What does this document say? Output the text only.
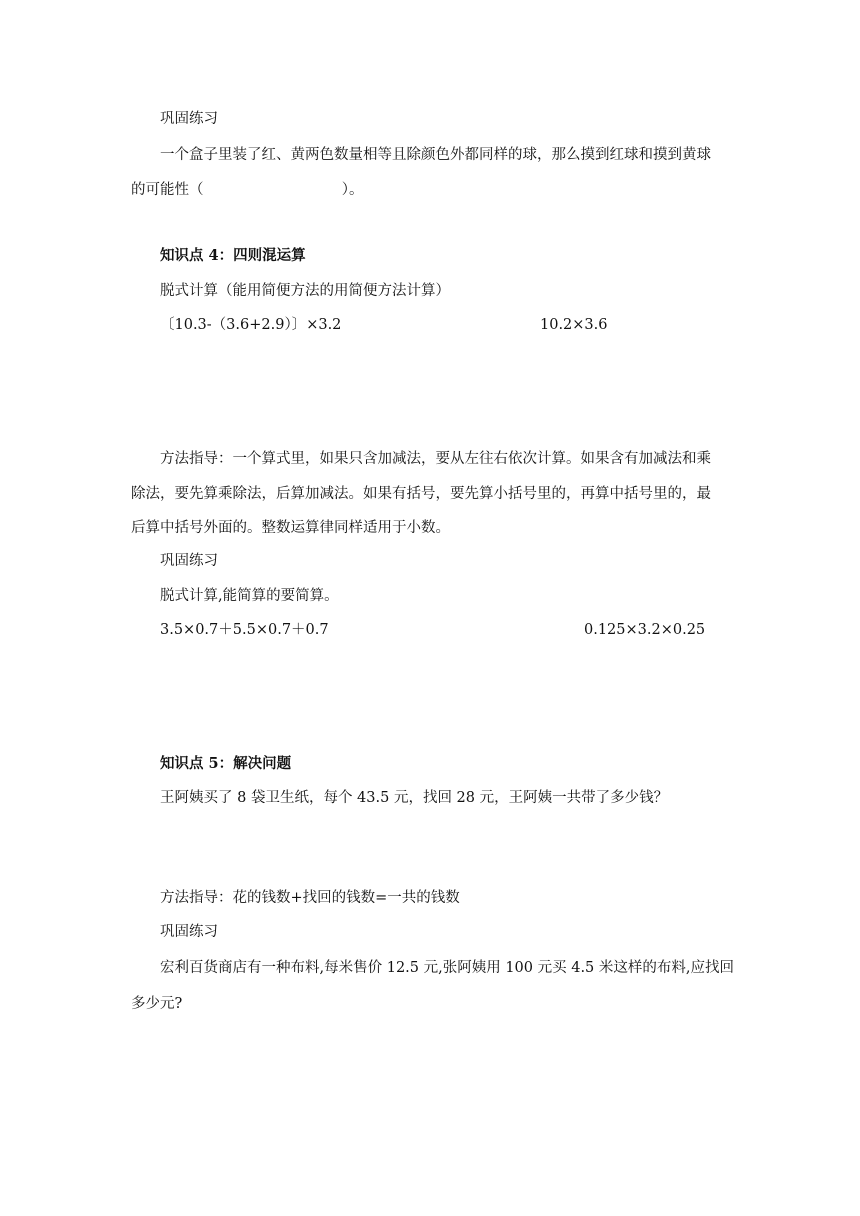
巩固练习
一个盒子里装了红、黄两色数量相等且除颜色外都同样的球，那么摸到红球和摸到黄球
的可能性（                              ）。
知识点 4：四则混运算
脱式计算（能用简便方法的用简便方法计算）
〔10.3-（3.6+2.9）〕×3.2	10.2×3.6
方法指导：一个算式里，如果只含加减法，要从左往右依次计算。如果含有加减法和乘
除法，要先算乘除法，后算加减法。如果有括号，要先算小括号里的，再算中括号里的，最
后算中括号外面的。整数运算律同样适用于小数。
巩固练习
脱式计算,能简算的要简算。
3.5×0.7＋5.5×0.7＋0.7	0.125×3.2×0.25
知识点 5：解决问题
王阿姨买了 8 袋卫生纸，每个 43.5 元，找回 28 元，王阿姨一共带了多少钱？
方法指导：花的钱数+找回的钱数=一共的钱数
巩固练习
宏利百货商店有一种布料,每米售价 12.5 元,张阿姨用 100 元买 4.5 米这样的布料,应找回
多少元?
